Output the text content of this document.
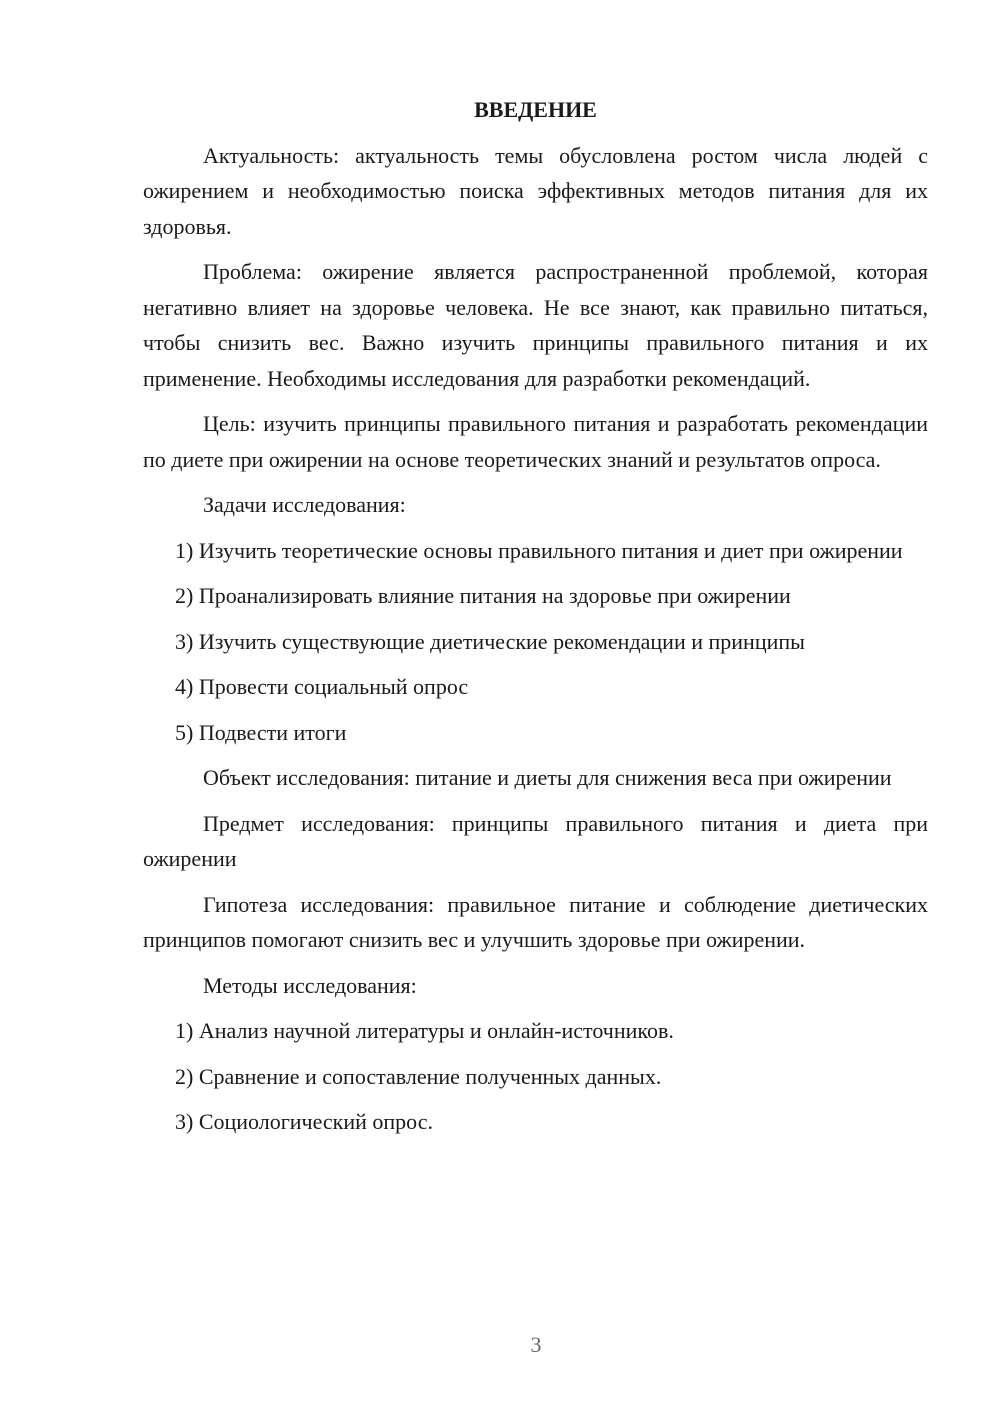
ВВЕДЕНИЕ

Актуальность: актуальность темы обусловлена ростом числа людей с ожирением и необходимостью поиска эффективных методов питания для их здоровья.

Проблема: ожирение является распространенной проблемой, которая негативно влияет на здоровье человека. Не все знают, как правильно питаться, чтобы снизить вес. Важно изучить принципы правильного питания и их применение. Необходимы исследования для разработки рекомендаций.

Цель: изучить принципы правильного питания и разработать рекомендации по диете при ожирении на основе теоретических знаний и результатов опроса.

Задачи исследования:

1) Изучить теоретические основы правильного питания и диет при ожирении

2) Проанализировать влияние питания на здоровье при ожирении

3) Изучить существующие диетические рекомендации и принципы

4) Провести социальный опрос

5) Подвести итоги

Объект исследования: питание и диеты для снижения веса при ожирении

Предмет исследования: принципы правильного питания и диета при ожирении

Гипотеза исследования: правильное питание и соблюдение диетических принципов помогают снизить вес и улучшить здоровье при ожирении.

Методы исследования:

1) Анализ научной литературы и онлайн-источников.

2) Сравнение и сопоставление полученных данных.

3) Социологический опрос.

3
